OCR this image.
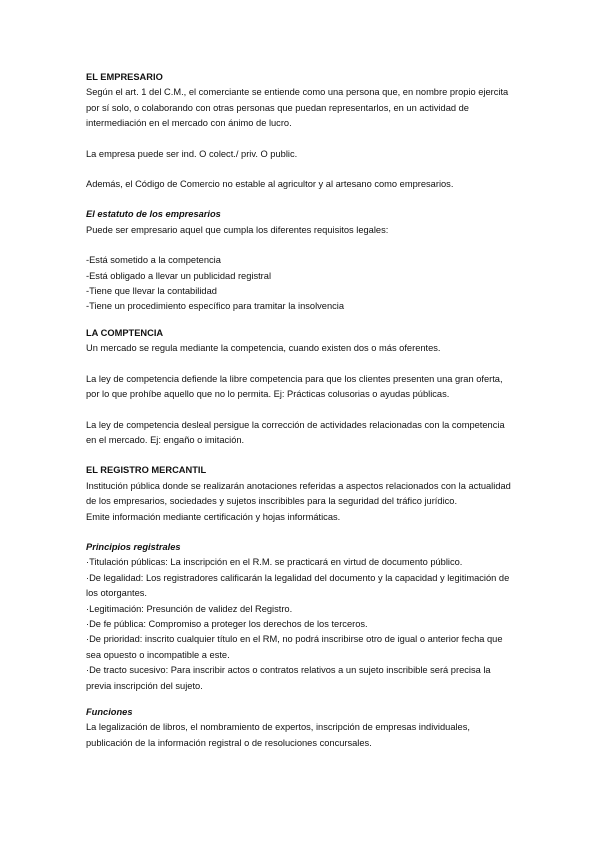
EL EMPRESARIO

Según el art. 1 del C.M., el comerciante se entiende como una persona que, en nombre propio ejercita por sí solo, o colaborando con otras personas que puedan representarlos, en un actividad de intermediación en el mercado con ánimo de lucro.

La empresa puede ser ind. O colect./ priv. O public.

Además, el Código de Comercio no estable al agricultor y al artesano como empresarios.

El estatuto de los empresarios

Puede ser empresario aquel que cumpla los diferentes requisitos legales:

-Está sometido a la competencia
-Está obligado a llevar un publicidad registral
-Tiene que llevar la contabilidad
-Tiene un procedimiento específico para tramitar la insolvencia
LA COMPTENCIA

Un mercado se regula mediante la competencia, cuando existen dos o más oferentes.

La ley de competencia defiende la libre competencia para que los clientes presenten una gran oferta, por lo que prohíbe aquello que no lo permita. Ej: Prácticas colusorias o ayudas públicas.

La ley de competencia desleal persigue la corrección de actividades relacionadas con la competencia en el mercado. Ej: engaño o imitación.

EL REGISTRO MERCANTIL
Institución pública donde se realizarán anotaciones referidas a aspectos relacionados con la actualidad de los empresarios, sociedades y sujetos inscribibles para la seguridad del tráfico jurídico.

Emite información mediante certificación y hojas informáticas.

Principios registrales
·Titulación públicas: La inscripción en el R.M. se practicará en virtud de documento público.
·De legalidad: Los registradores calificarán la legalidad del documento y la capacidad y legitimación de los otorgantes.
·Legitimación: Presunción de validez del Registro.
·De fe pública: Compromiso a proteger los derechos de los terceros.
·De prioridad: inscrito cualquier título en el RM, no podrá inscribirse otro de igual o anterior fecha que sea opuesto o incompatible a este.
·De tracto sucesivo: Para inscribir actos o contratos relativos a un sujeto inscribible será precisa la previa inscripción del sujeto.
Funciones

La legalización de libros, el nombramiento de expertos, inscripción de empresas individuales, publicación de la información registral o de resoluciones concursales.
